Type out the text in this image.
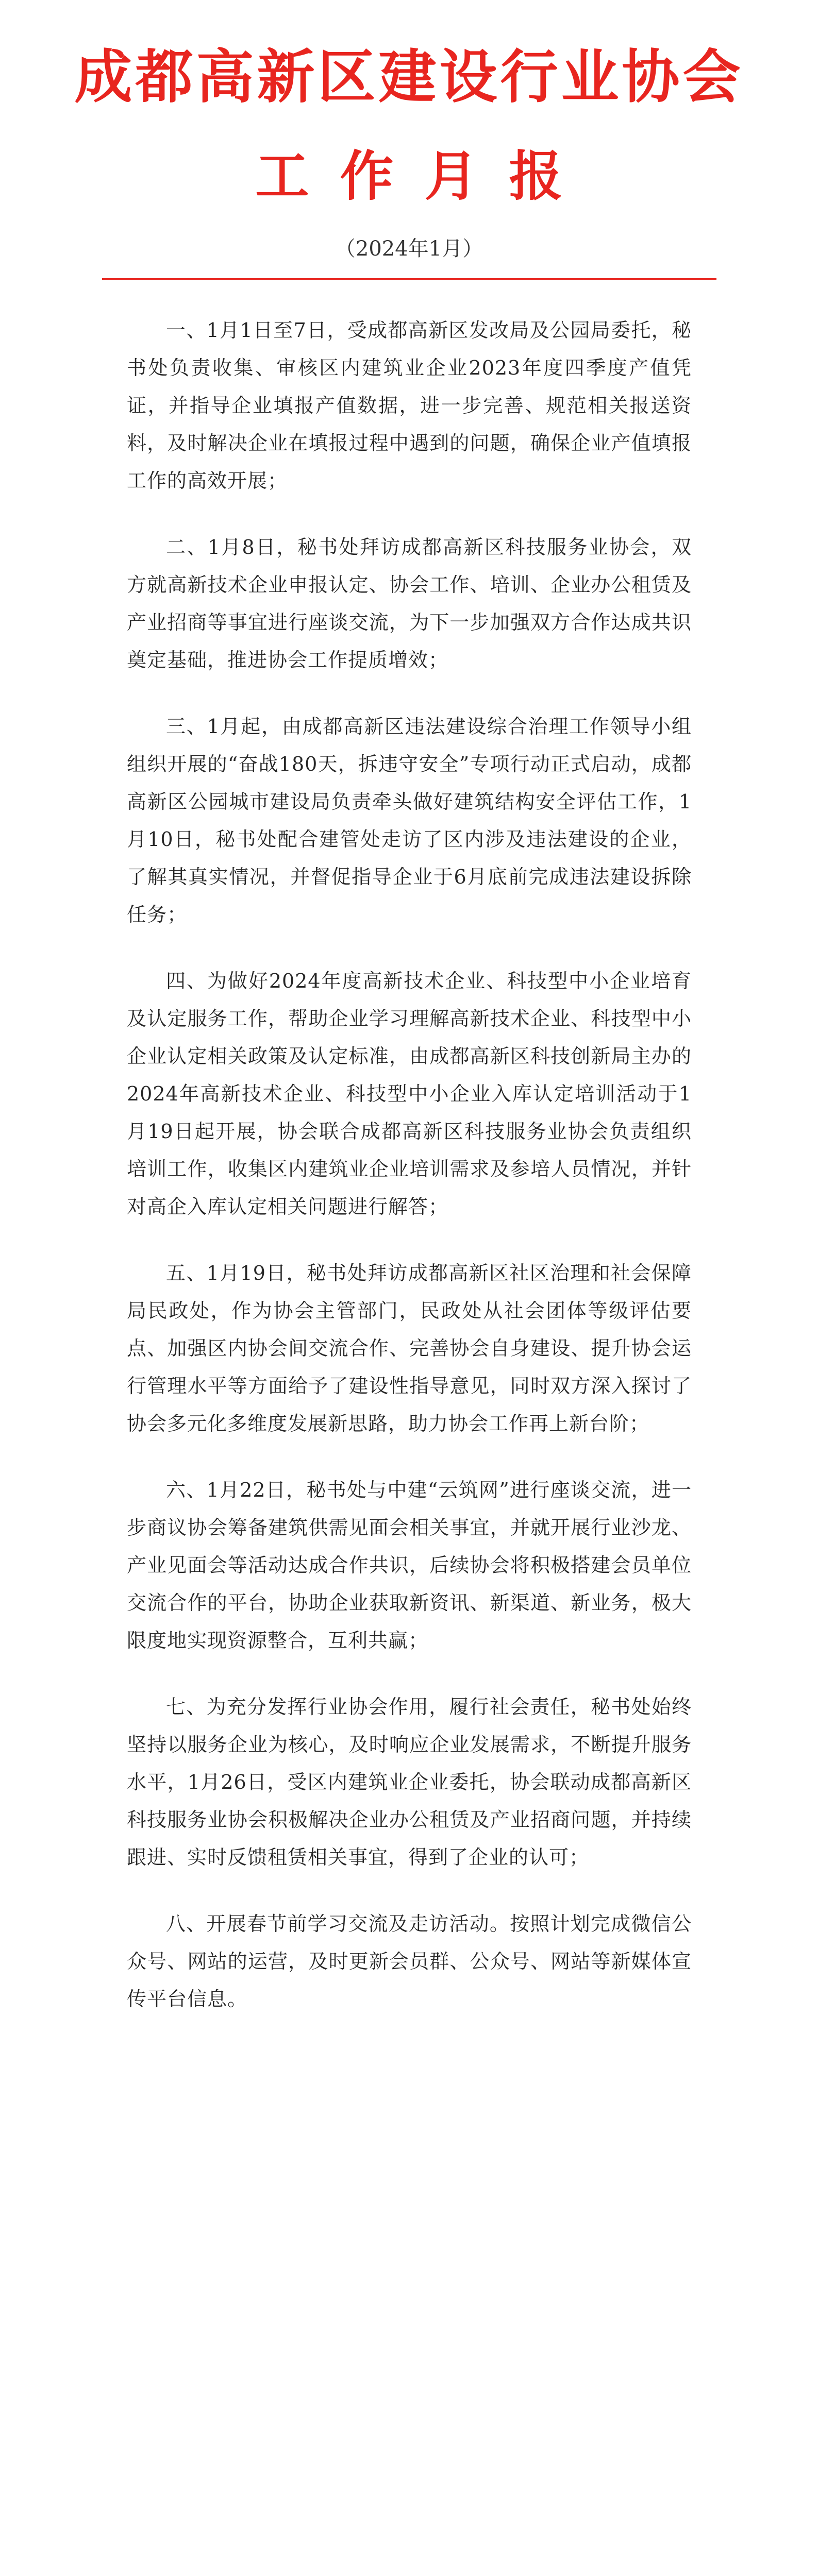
成都高新区建设行业协会
工作月报
（2024年1月）

一、1月1日至7日，受成都高新区发改局及公园局委托，秘书处负责收集、审核区内建筑业企业2023年度四季度产值凭证，并指导企业填报产值数据，进一步完善、规范相关报送资料，及时解决企业在填报过程中遇到的问题，确保企业产值填报工作的高效开展；

二、1月8日，秘书处拜访成都高新区科技服务业协会，双方就高新技术企业申报认定、协会工作、培训、企业办公租赁及产业招商等事宜进行座谈交流，为下一步加强双方合作达成共识奠定基础，推进协会工作提质增效；

三、1月起，由成都高新区违法建设综合治理工作领导小组组织开展的“奋战180天，拆违守安全”专项行动正式启动，成都高新区公园城市建设局负责牵头做好建筑结构安全评估工作，1月10日，秘书处配合建管处走访了区内涉及违法建设的企业，了解其真实情况，并督促指导企业于6月底前完成违法建设拆除任务；

四、为做好2024年度高新技术企业、科技型中小企业培育及认定服务工作，帮助企业学习理解高新技术企业、科技型中小企业认定相关政策及认定标准，由成都高新区科技创新局主办的2024年高新技术企业、科技型中小企业入库认定培训活动于1月19日起开展，协会联合成都高新区科技服务业协会负责组织培训工作，收集区内建筑业企业培训需求及参培人员情况，并针对高企入库认定相关问题进行解答；

五、1月19日，秘书处拜访成都高新区社区治理和社会保障局民政处，作为协会主管部门，民政处从社会团体等级评估要点、加强区内协会间交流合作、完善协会自身建设、提升协会运行管理水平等方面给予了建设性指导意见，同时双方深入探讨了协会多元化多维度发展新思路，助力协会工作再上新台阶；

六、1月22日，秘书处与中建“云筑网”进行座谈交流，进一步商议协会筹备建筑供需见面会相关事宜，并就开展行业沙龙、产业见面会等活动达成合作共识，后续协会将积极搭建会员单位交流合作的平台，协助企业获取新资讯、新渠道、新业务，极大限度地实现资源整合，互利共赢；

七、为充分发挥行业协会作用，履行社会责任，秘书处始终坚持以服务企业为核心，及时响应企业发展需求，不断提升服务水平，1月26日，受区内建筑业企业委托，协会联动成都高新区科技服务业协会积极解决企业办公租赁及产业招商问题，并持续跟进、实时反馈租赁相关事宜，得到了企业的认可；

八、开展春节前学习交流及走访活动。按照计划完成微信公众号、网站的运营，及时更新会员群、公众号、网站等新媒体宣传平台信息。
